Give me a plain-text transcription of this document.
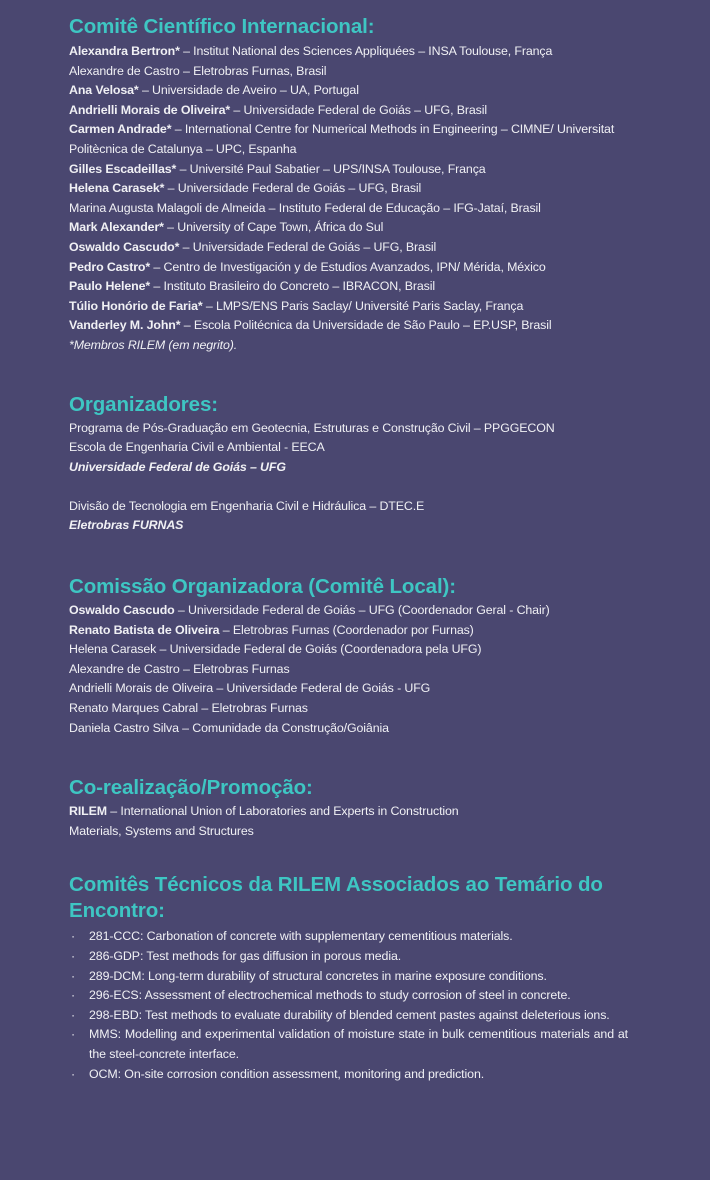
Comitê Científico Internacional:
Alexandra Bertron* – Institut National des Sciences Appliquées – INSA Toulouse, França
Alexandre de Castro – Eletrobras Furnas, Brasil
Ana Velosa* – Universidade de Aveiro – UA, Portugal
Andrielli Morais de Oliveira* – Universidade Federal de Goiás – UFG, Brasil
Carmen Andrade* – International Centre for Numerical Methods in Engineering – CIMNE/ Universitat Politècnica de Catalunya – UPC, Espanha
Gilles Escadeillas* – Université Paul Sabatier – UPS/INSA Toulouse, França
Helena Carasek* – Universidade Federal de Goiás – UFG, Brasil
Marina Augusta Malagoli de Almeida – Instituto Federal de Educação – IFG-Jataí, Brasil
Mark Alexander* – University of Cape Town, África do Sul
Oswaldo Cascudo* – Universidade Federal de Goiás – UFG, Brasil
Pedro Castro* – Centro de Investigación y de Estudios Avanzados, IPN/ Mérida, México
Paulo Helene* – Instituto Brasileiro do Concreto – IBRACON, Brasil
Túlio Honório de Faria* – LMPS/ENS Paris Saclay/ Université Paris Saclay, França
Vanderley M. John* – Escola Politécnica da Universidade de São Paulo – EP.USP, Brasil
*Membros RILEM (em negrito).
Organizadores:
Programa de Pós-Graduação em Geotecnia, Estruturas e Construção Civil – PPGGECON
Escola de Engenharia Civil e Ambiental - EECA
Universidade Federal de Goiás – UFG

Divisão de Tecnologia em Engenharia Civil e Hidráulica – DTEC.E
Eletrobras FURNAS
Comissão Organizadora (Comitê Local):
Oswaldo Cascudo – Universidade Federal de Goiás – UFG (Coordenador Geral - Chair)
Renato Batista de Oliveira – Eletrobras Furnas (Coordenador por Furnas)
Helena Carasek – Universidade Federal de Goiás (Coordenadora pela UFG)
Alexandre de Castro – Eletrobras Furnas
Andrielli Morais de Oliveira – Universidade Federal de Goiás - UFG
Renato Marques Cabral – Eletrobras Furnas
Daniela Castro Silva – Comunidade da Construção/Goiânia
Co-realização/Promoção:
RILEM – International Union of Laboratories and Experts in Construction
Materials, Systems and Structures
Comitês Técnicos da RILEM Associados ao Temário do Encontro:
· 281-CCC: Carbonation of concrete with supplementary cementitious materials.
· 286-GDP: Test methods for gas diffusion in porous media.
· 289-DCM: Long-term durability of structural concretes in marine exposure conditions.
· 296-ECS: Assessment of electrochemical methods to study corrosion of steel in concrete.
· 298-EBD: Test methods to evaluate durability of blended cement pastes against deleterious ions.
· MMS: Modelling and experimental validation of moisture state in bulk cementitious materials and at the steel-concrete interface.
· OCM: On-site corrosion condition assessment, monitoring and prediction.
